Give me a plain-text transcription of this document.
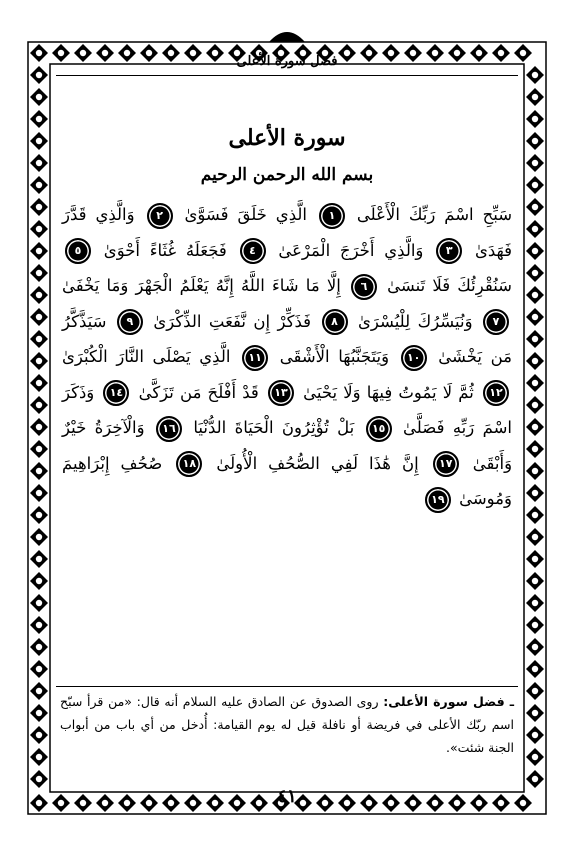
فضل سورة الأعلى
سورة الأعلى
بسم الله الرحمن الرحيم
سَبِّحِ اسْمَ رَبِّكَ الْأَعْلَى ١ الَّذِي خَلَقَ فَسَوَّىٰ ٢ وَالَّذِي قَدَّرَ فَهَدَىٰ ٣ وَالَّذِي أَخْرَجَ الْمَرْعَىٰ ٤ فَجَعَلَهُ غُثَاءً أَحْوَىٰ ٥ سَنُقْرِئُكَ فَلَا تَنسَىٰ ٦ إِلَّا مَا شَاءَ اللَّهُ إِنَّهُ يَعْلَمُ الْجَهْرَ وَمَا يَخْفَىٰ ٧ وَنُيَسِّرُكَ لِلْيُسْرَىٰ ٨ فَذَكِّرْ إِن نَّفَعَتِ الذِّكْرَىٰ ٩ سَيَذَّكَّرُ مَن يَخْشَىٰ ١٠ وَيَتَجَنَّبُهَا الْأَشْقَى ١١ الَّذِي يَصْلَى النَّارَ الْكُبْرَىٰ ١٢ ثُمَّ لَا يَمُوتُ فِيهَا وَلَا يَحْيَىٰ ١٣ قَدْ أَفْلَحَ مَن تَزَكَّىٰ ١٤ وَذَكَرَ اسْمَ رَبِّهِ فَصَلَّىٰ ١٥ بَلْ تُؤْثِرُونَ الْحَيَاةَ الدُّنْيَا ١٦ وَالْآخِرَةُ خَيْرٌ وَأَبْقَىٰ ١٧ إِنَّ هَٰذَا لَفِي الصُّحُفِ الْأُولَىٰ ١٨ صُحُفِ إِبْرَاهِيمَ وَمُوسَىٰ ١٩
ـ فضل سورة الأعلى: روى الصدوق عن الصادق عليه السلام أنه قال: «من قرأ سبّح اسم ربّك الأعلى في فريضة أو نافلة قيل له يوم القيامة: أُدخل من أي باب من أبواب الجنة شئت».
٤١
